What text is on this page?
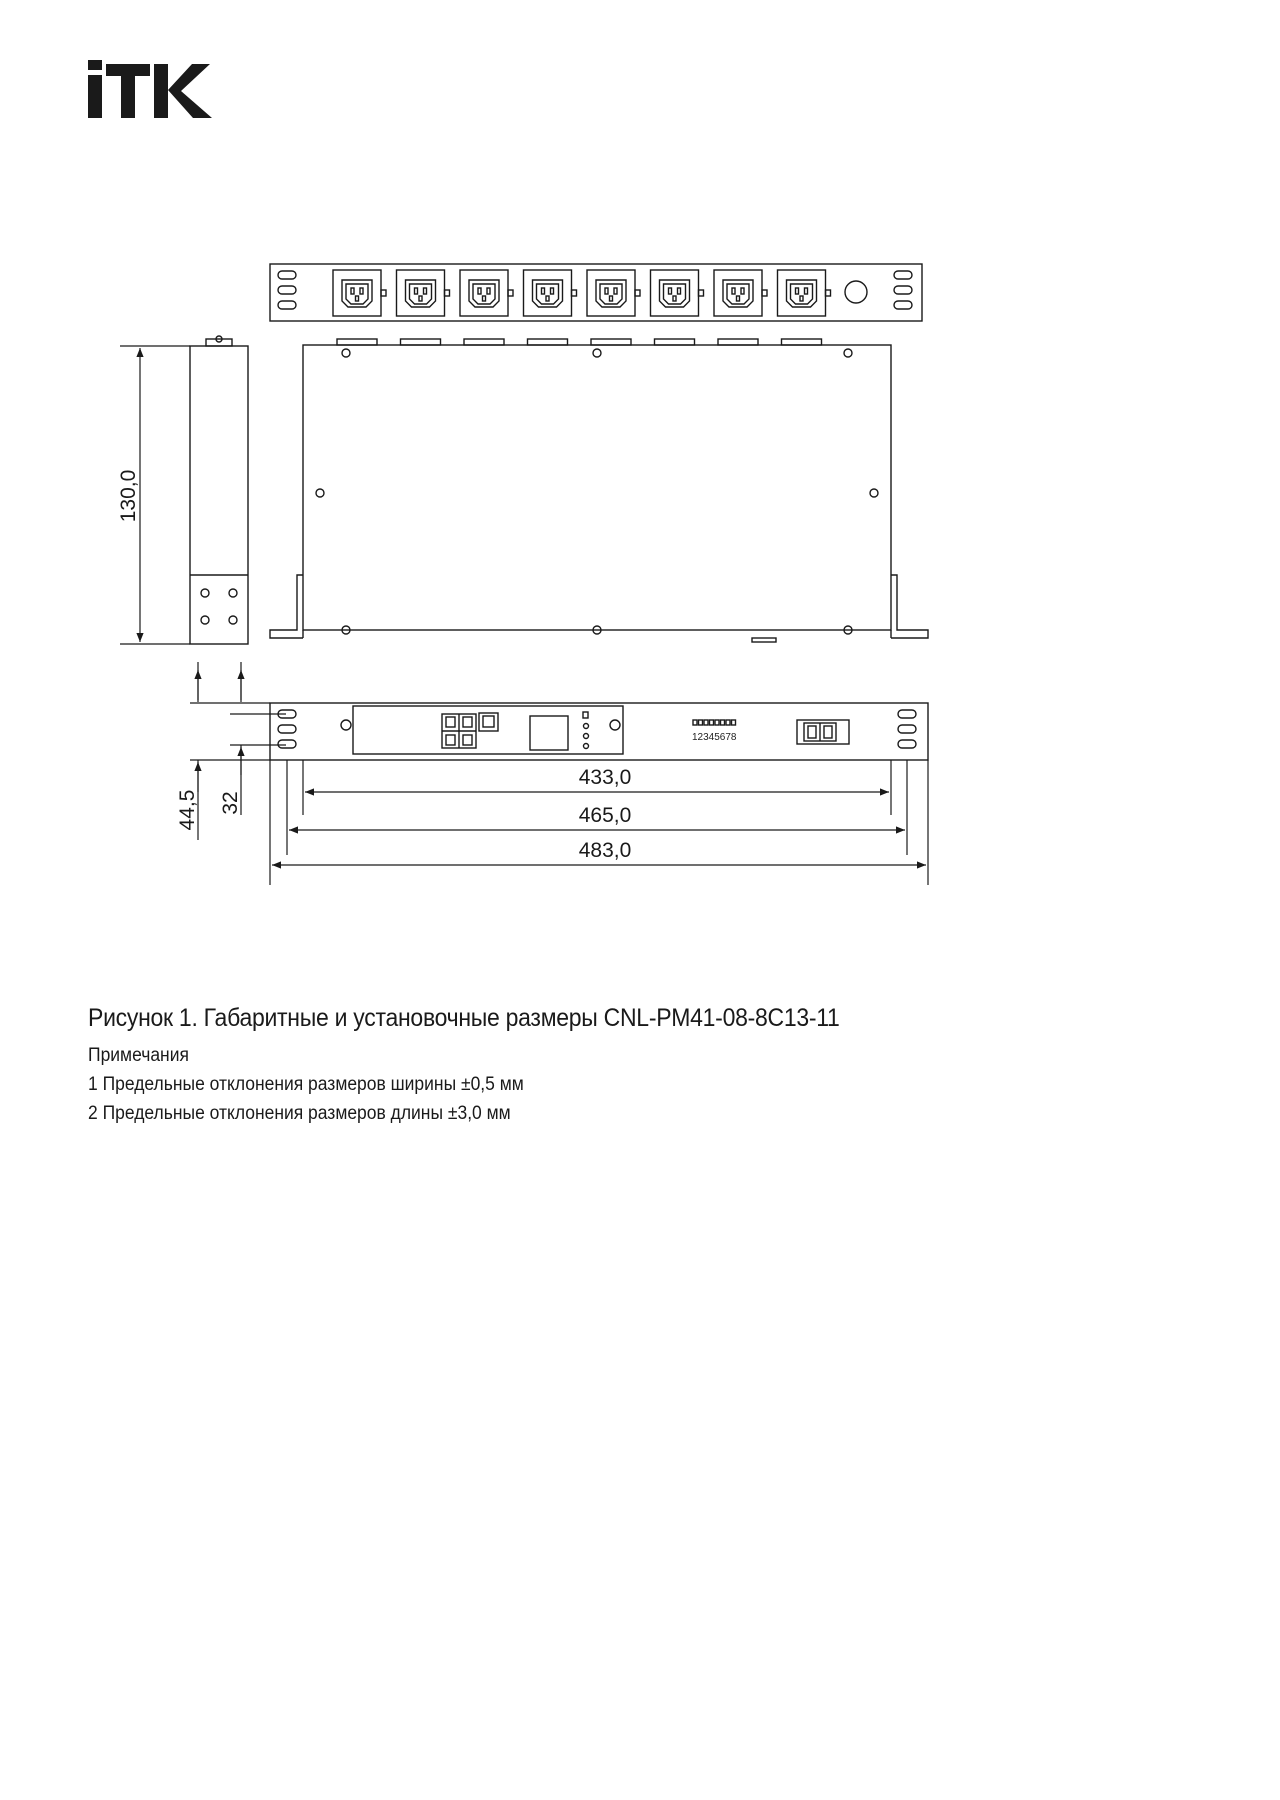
130,0
44,5 32
433,0
465,0
483,0
12345678

Рисунок 1. Габаритные и установочные размеры CNL-PM41-08-8C13-11

Примечания

1 Предельные отклонения размеров ширины ±0,5 мм

2 Предельные отклонения размеров длины ±3,0 мм
